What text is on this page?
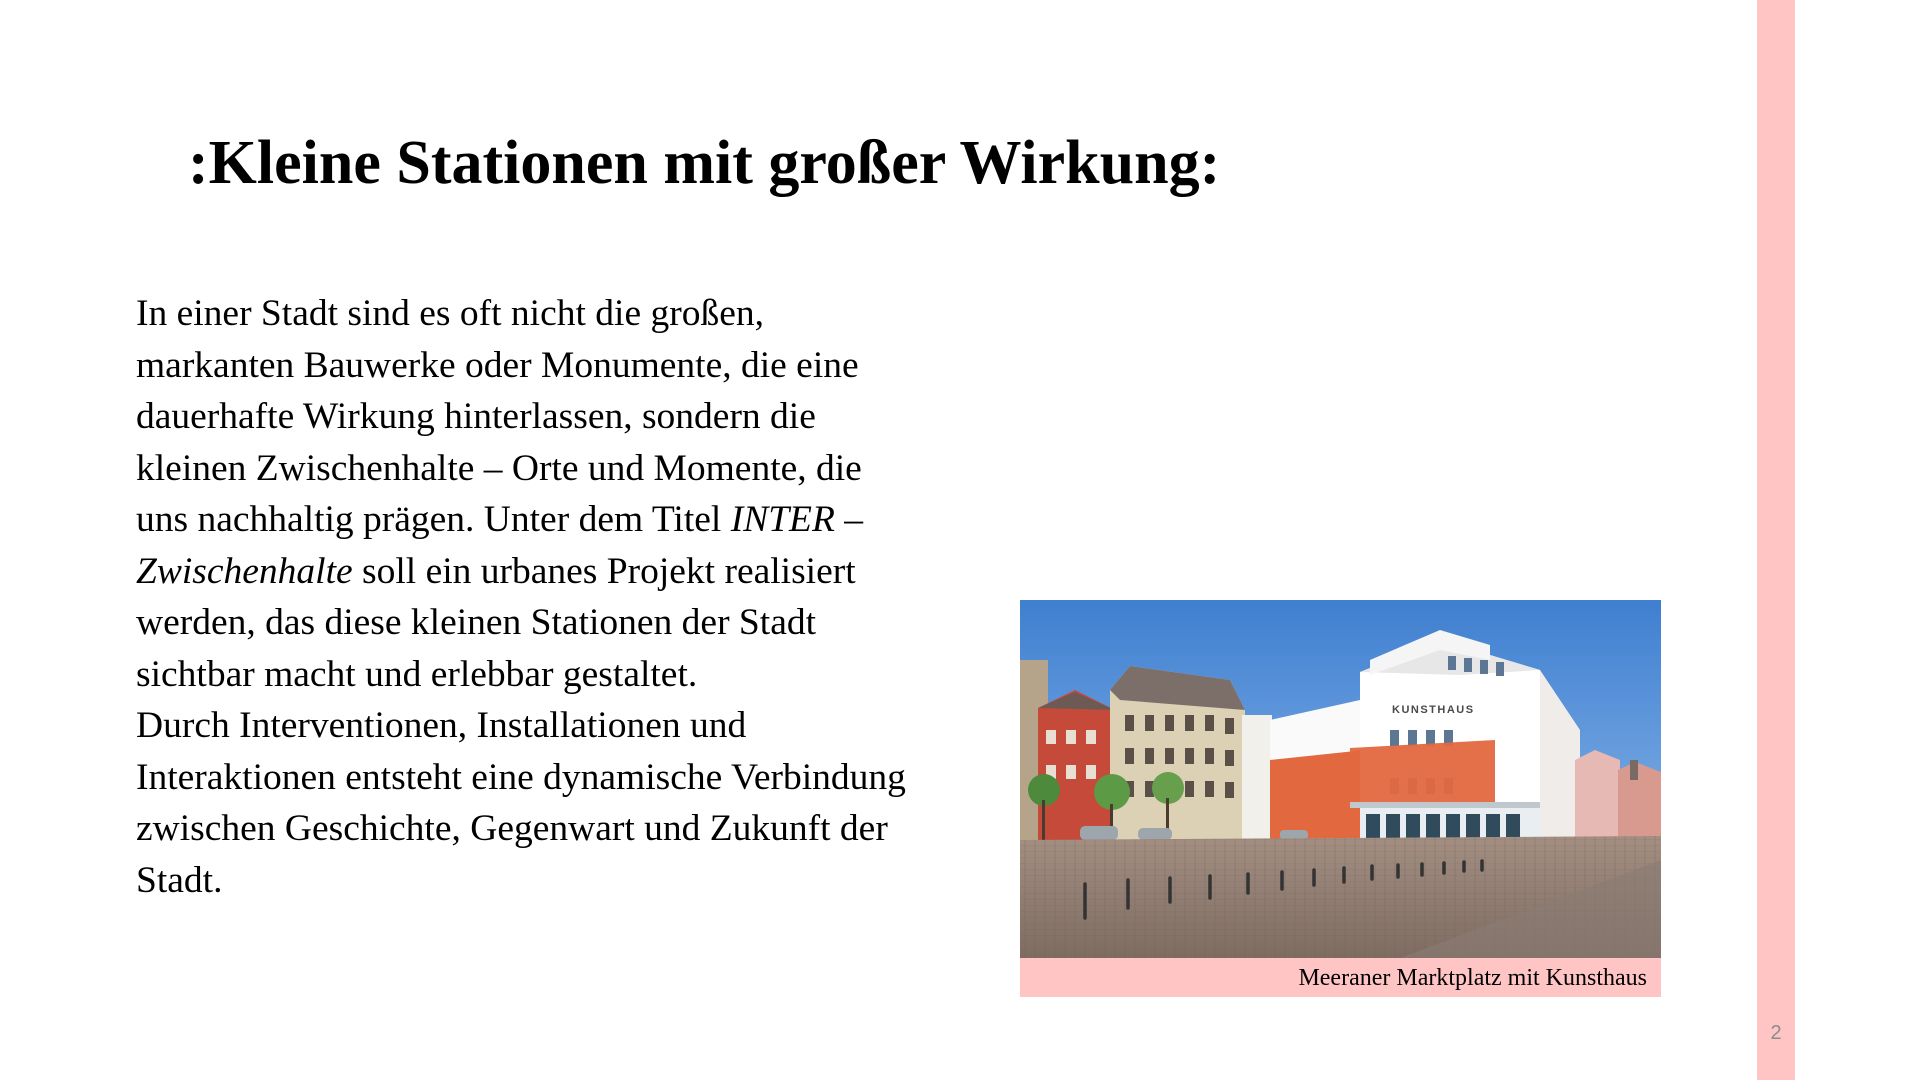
2
:Kleine Stationen mit großer Wirkung:

In einer Stadt sind es oft nicht die großen, markanten Bauwerke oder Monumente, die eine dauerhafte Wirkung hinterlassen, sondern die kleinen Zwischenhalte – Orte und Momente, die uns nachhaltig prägen. Unter dem Titel INTER – Zwischenhalte soll ein urbanes Projekt realisiert werden, das diese kleinen Stationen der Stadt sichtbar macht und erlebbar gestaltet.

Durch Interventionen, Installationen und Interaktionen entsteht eine dynamische Verbindung zwischen Geschichte, Gegenwart und Zukunft der Stadt.

KUNSTHAUS
Meeraner Marktplatz mit Kunsthaus
